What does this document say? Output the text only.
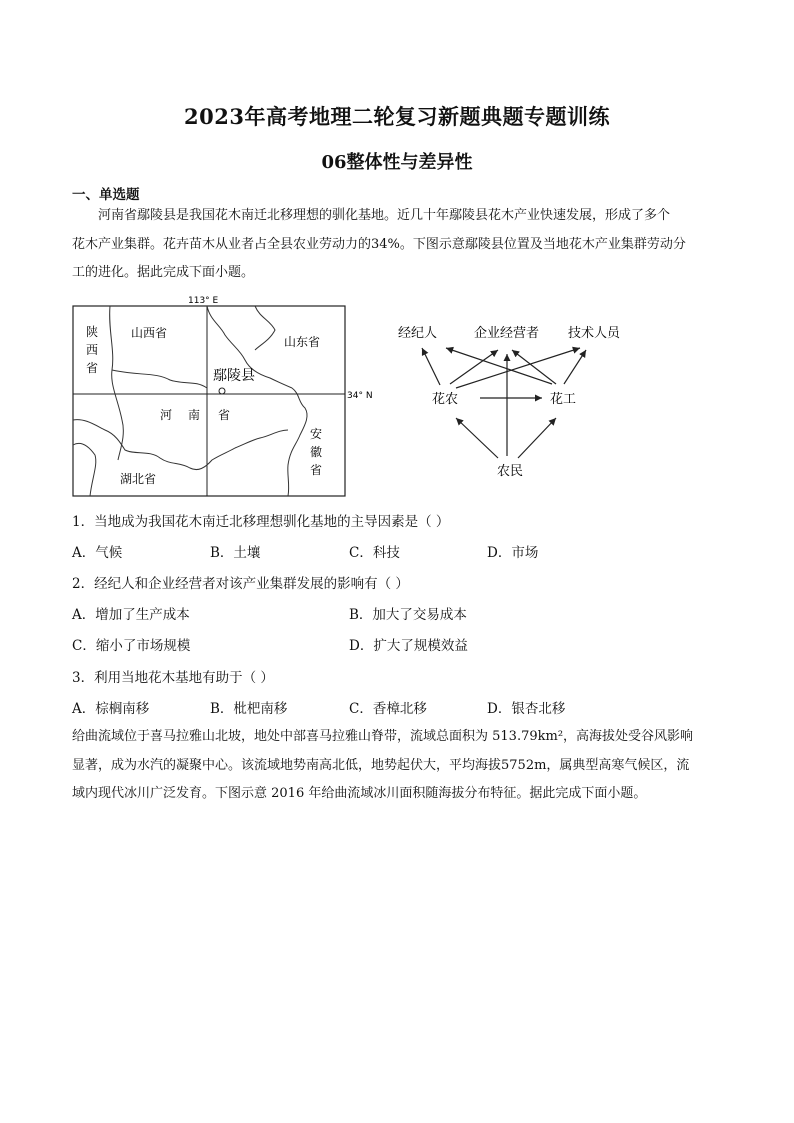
2023年高考地理二轮复习新题典题专题训练
06整体性与差异性
一、单选题
河南省鄢陵县是我国花木南迁北移理想的驯化基地。近几十年鄢陵县花木产业快速发展，形成了多个
花木产业集群。花卉苗木从业者占全县农业劳动力的34%。下图示意鄢陵县位置及当地花木产业集群劳动分
工的进化。据此完成下面小题。
113° E
34° N
陕
西
省
山西省
山东省
河 南 省
安
徽
省
湖北省
鄢陵县
经纪人	企业经营者 技术人员
花农	花工
农民
1．当地成为我国花木南迁北移理想驯化基地的主导因素是（ ）
A．气候	B．土壤	C．科技	D．市场
2．经纪人和企业经营者对该产业集群发展的影响有（ ）
A．增加了生产成本	B．加大了交易成本
C．缩小了市场规模	D．扩大了规模效益
3．利用当地花木基地有助于（ ）
A．棕榈南移	B．枇杷南移	C．香樟北移	D．银杏北移
给曲流域位于喜马拉雅山北坡，地处中部喜马拉雅山脊带，流域总面积为 513.79km²，高海拔处受谷风影响
显著，成为水汽的凝聚中心。该流域地势南高北低，地势起伏大，平均海拔5752m，属典型高寒气候区，流
域内现代冰川广泛发育。下图示意 2016 年给曲流域冰川面积随海拔分布特征。据此完成下面小题。
